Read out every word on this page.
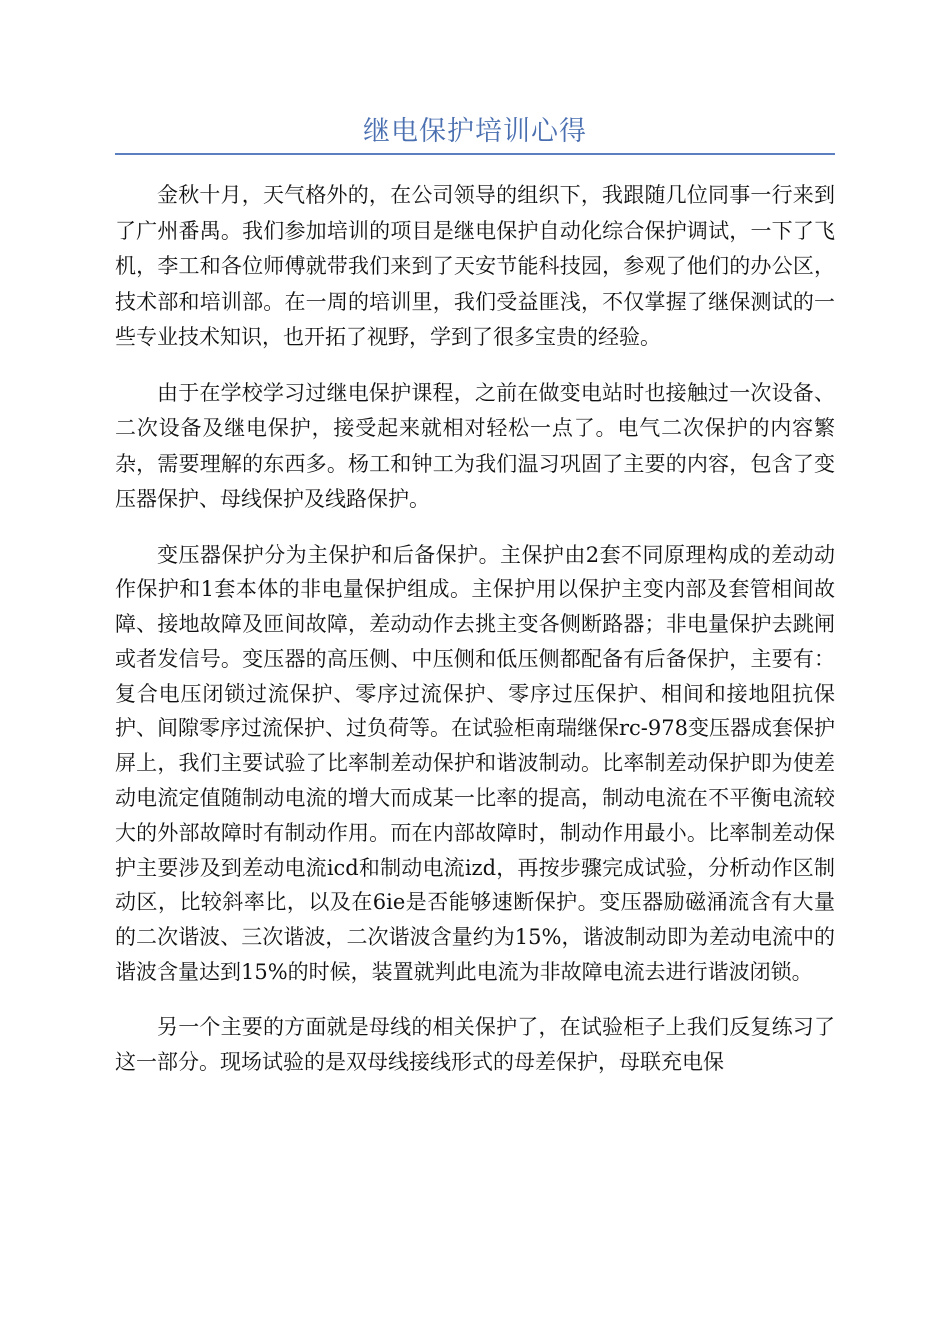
继电保护培训心得

金秋十月，天气格外的，在公司领导的组织下，我跟随几位同事一行来到了广州番禺。我们参加培训的项目是继电保护自动化综合保护调试，一下了飞机，李工和各位师傅就带我们来到了天安节能科技园，参观了他们的办公区，技术部和培训部。在一周的培训里，我们受益匪浅，不仅掌握了继保测试的一些专业技术知识，也开拓了视野，学到了很多宝贵的经验。

由于在学校学习过继电保护课程，之前在做变电站时也接触过一次设备、二次设备及继电保护，接受起来就相对轻松一点了。电气二次保护的内容繁杂，需要理解的东西多。杨工和钟工为我们温习巩固了主要的内容，包含了变压器保护、母线保护及线路保护。

变压器保护分为主保护和后备保护。主保护由2套不同原理构成的差动动作保护和1套本体的非电量保护组成。主保护用以保护主变内部及套管相间故障、接地故障及匝间故障，差动动作去挑主变各侧断路器；非电量保护去跳闸或者发信号。变压器的高压侧、中压侧和低压侧都配备有后备保护，主要有：复合电压闭锁过流保护、零序过流保护、零序过压保护、相间和接地阻抗保护、间隙零序过流保护、过负荷等。在试验柜南瑞继保rc-978变压器成套保护屏上，我们主要试验了比率制差动保护和谐波制动。比率制差动保护即为使差动电流定值随制动电流的增大而成某一比率的提高，制动电流在不平衡电流较大的外部故障时有制动作用。而在内部故障时，制动作用最小。比率制差动保护主要涉及到差动电流icd和制动电流izd，再按步骤完成试验，分析动作区制动区，比较斜率比，以及在6ie是否能够速断保护。变压器励磁涌流含有大量的二次谐波、三次谐波，二次谐波含量约为15%，谐波制动即为差动电流中的谐波含量达到15%的时候，装置就判此电流为非故障电流去进行谐波闭锁。

另一个主要的方面就是母线的相关保护了，在试验柜子上我们反复练习了这一部分。现场试验的是双母线接线形式的母差保护，母联充电保
